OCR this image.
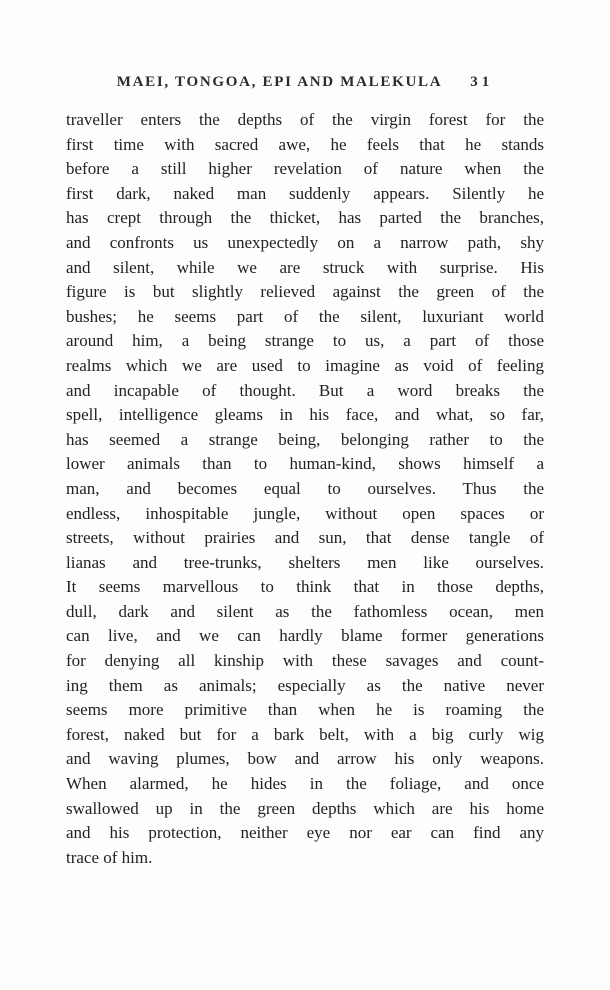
MAEI, TONGOA, EPI AND MALEKULA 31
traveller enters the depths of the virgin forest for the
first time with sacred awe, he feels that he stands
before a still higher revelation of nature when the
first dark, naked man suddenly appears. Silently he
has crept through the thicket, has parted the branches,
and confronts us unexpectedly on a narrow path, shy
and silent, while we are struck with surprise. His
figure is but slightly relieved against the green of the
bushes; he seems part of the silent, luxuriant world
around him, a being strange to us, a part of those
realms which we are used to imagine as void of feeling
and incapable of thought. But a word breaks the
spell, intelligence gleams in his face, and what, so far,
has seemed a strange being, belonging rather to the
lower animals than to human-kind, shows himself a
man, and becomes equal to ourselves. Thus the
endless, inhospitable jungle, without open spaces or
streets, without prairies and sun, that dense tangle of
lianas and tree-trunks, shelters men like ourselves.
It seems marvellous to think that in those depths,
dull, dark and silent as the fathomless ocean, men
can live, and we can hardly blame former generations
for denying all kinship with these savages and count-
ing them as animals; especially as the native never
seems more primitive than when he is roaming the
forest, naked but for a bark belt, with a big curly wig
and waving plumes, bow and arrow his only weapons.
When alarmed, he hides in the foliage, and once
swallowed up in the green depths which are his home
and his protection, neither eye nor ear can find any
trace of him.
